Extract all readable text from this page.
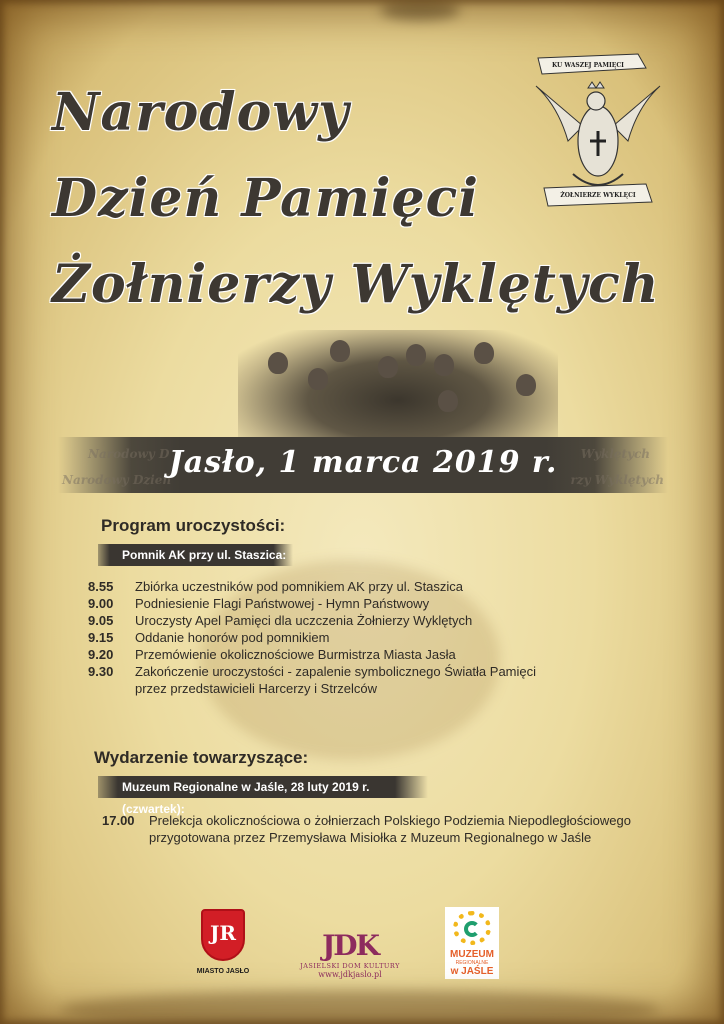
Narodowy
Dzień Pamięci
Żołnierzy Wyklętych
KU WASZEJ PAMIĘCI
ŻOŁNIERZE WYKLĘCI
Narodowy D
Narodowy Dzień
Wyklętych
rzy Wyklętych
Jasło, 1 marca 2019 r.
Program uroczystości:
Pomnik AK przy ul. Staszica:
8.55	Zbiórka uczestników pod pomnikiem AK przy ul. Staszica
9.00	Podniesienie Flagi Państwowej - Hymn Państwowy
9.05	Uroczysty Apel Pamięci dla uczczenia Żołnierzy Wyklętych
9.15	Oddanie honorów pod pomnikiem
9.20	Przemówienie okolicznościowe Burmistrza Miasta Jasła
9.30	Zakończenie uroczystości - zapalenie symbolicznego Światła Pamięci
przez przedstawicieli Harcerzy i Strzelców
Wydarzenie towarzyszące:
Muzeum Regionalne w Jaśle, 28 luty 2019 r. (czwartek):
17.00	Prelekcja okolicznościowa o żołnierzach Polskiego Podziemia Niepodległościowego
przygotowana przez Przemysława Misiołka z Muzeum Regionalnego w Jaśle
JR
MIASTO JASŁO
JDK
JASIELSKI DOM KULTURY
www.jdkjaslo.pl
MUZEUM
REGIONALNE
w JAŚLE
